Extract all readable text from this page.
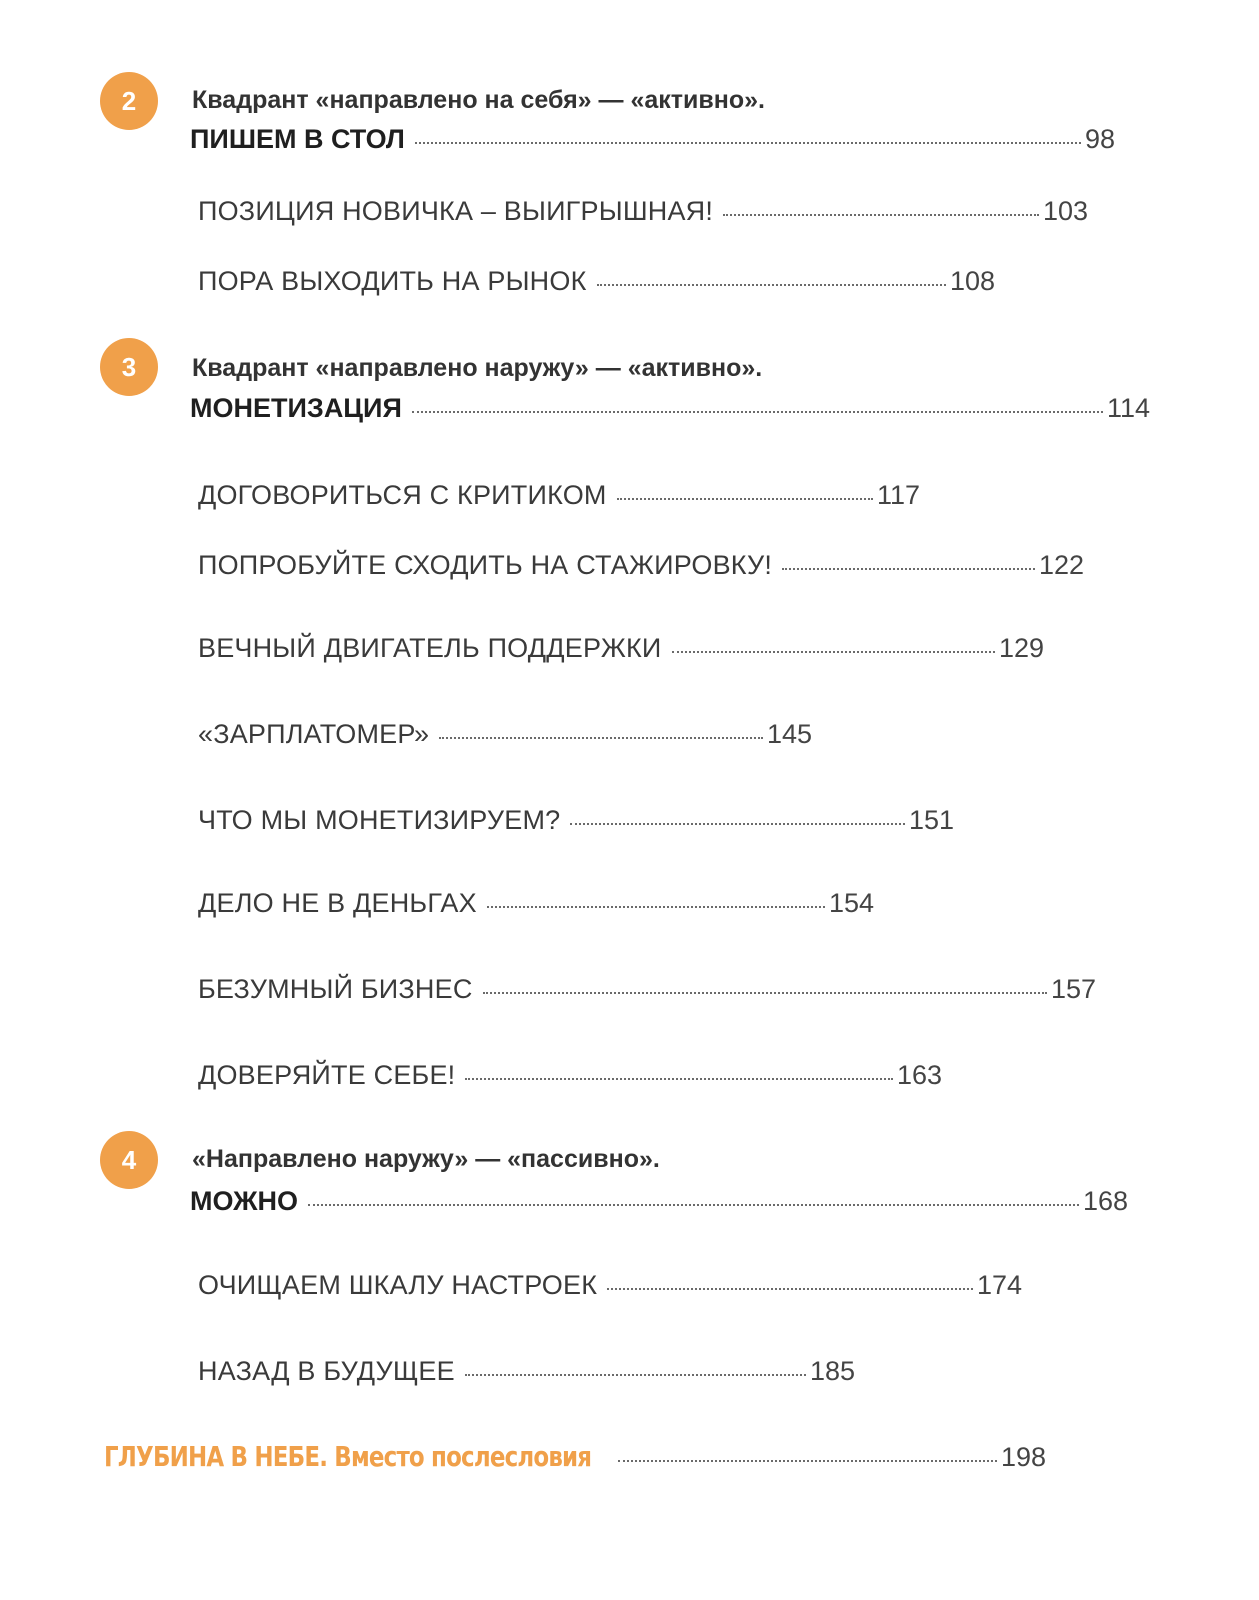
2	Квадрант «направлено на себя» — «активно».
ПИШЕМ В СТОЛ	98
ПОЗИЦИЯ НОВИЧКА – ВЫИГРЫШНАЯ!	103
ПОРА ВЫХОДИТЬ НА РЫНОК	108
3	Квадрант «направлено наружу» — «активно».
МОНЕТИЗАЦИЯ	114
ДОГОВОРИТЬСЯ С КРИТИКОМ	117
ПОПРОБУЙТЕ СХОДИТЬ НА СТАЖИРОВКУ!	122
ВЕЧНЫЙ ДВИГАТЕЛЬ ПОДДЕРЖКИ	129
«ЗАРПЛАТОМЕР»	145
ЧТО МЫ МОНЕТИЗИРУЕМ?	151
ДЕЛО НЕ В ДЕНЬГАХ	154
БЕЗУМНЫЙ БИЗНЕС	157
ДОВЕРЯЙТЕ СЕБЕ!	163
4	«Направлено наружу» — «пассивно».
МОЖНО	168
ОЧИЩАЕМ ШКАЛУ НАСТРОЕК	174
НАЗАД В БУДУЩЕЕ	185
ГЛУБИНА В НЕБЕ. Вместо послесловия	198
